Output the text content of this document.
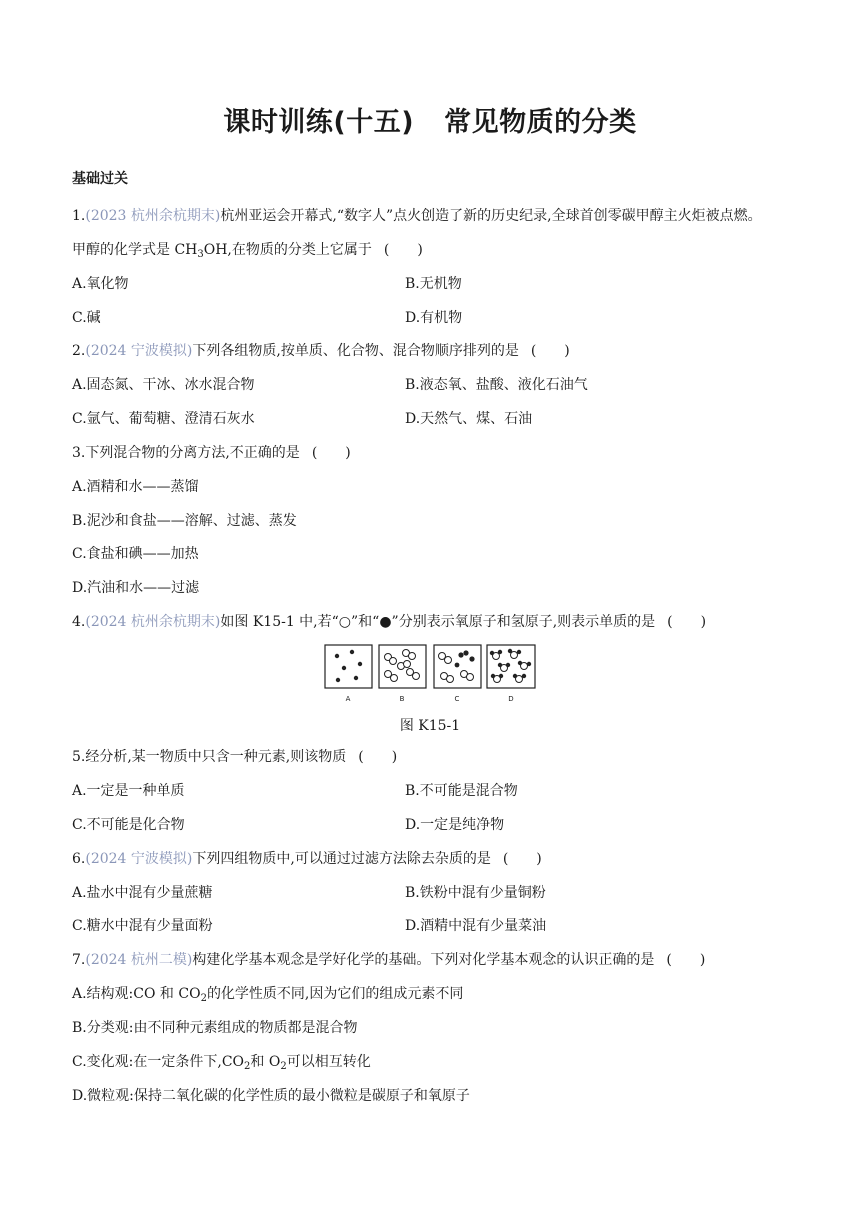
课时训练(十五) 常见物质的分类
基础过关
1.(2023 杭州余杭期末)杭州亚运会开幕式,“数字人”点火创造了新的历史纪录,全球首创零碳甲醇主火炬被点燃。
甲醇的化学式是 $CH_3OH$,在物质的分类上它属于 (　　)
A.氧化物	B.无机物
C.碱	D.有机物
2.(2024 宁波模拟)下列各组物质,按单质、化合物、混合物顺序排列的是 (　　)
A.固态氮、干冰、冰水混合物	B.液态氧、盐酸、液化石油气
C.氩气、葡萄糖、澄清石灰水	D.天然气、煤、石油
3.下列混合物的分离方法,不正确的是 (　　)
A.酒精和水——蒸馏
B.泥沙和食盐——溶解、过滤、蒸发
C.食盐和碘——加热
D.汽油和水——过滤
4.(2024 杭州余杭期末)如图 K15-1 中,若“○”和“●”分别表示氧原子和氢原子,则表示单质的是 (　　)
A	B	C	D
图 K15-1
5.经分析,某一物质中只含一种元素,则该物质 (　　)
A.一定是一种单质	B.不可能是混合物
C.不可能是化合物	D.一定是纯净物
6.(2024 宁波模拟)下列四组物质中,可以通过过滤方法除去杂质的是 (　　)
A.盐水中混有少量蔗糖	B.铁粉中混有少量铜粉
C.糖水中混有少量面粉	D.酒精中混有少量菜油
7.(2024 杭州二模)构建化学基本观念是学好化学的基础。下列对化学基本观念的认识正确的是 (　　)
A.结构观:CO 和 $CO_2$的化学性质不同,因为它们的组成元素不同
B.分类观:由不同种元素组成的物质都是混合物
C.变化观:在一定条件下$,CO_2$和 $O_2$可以相互转化
D.微粒观:保持二氧化碳的化学性质的最小微粒是碳原子和氧原子
